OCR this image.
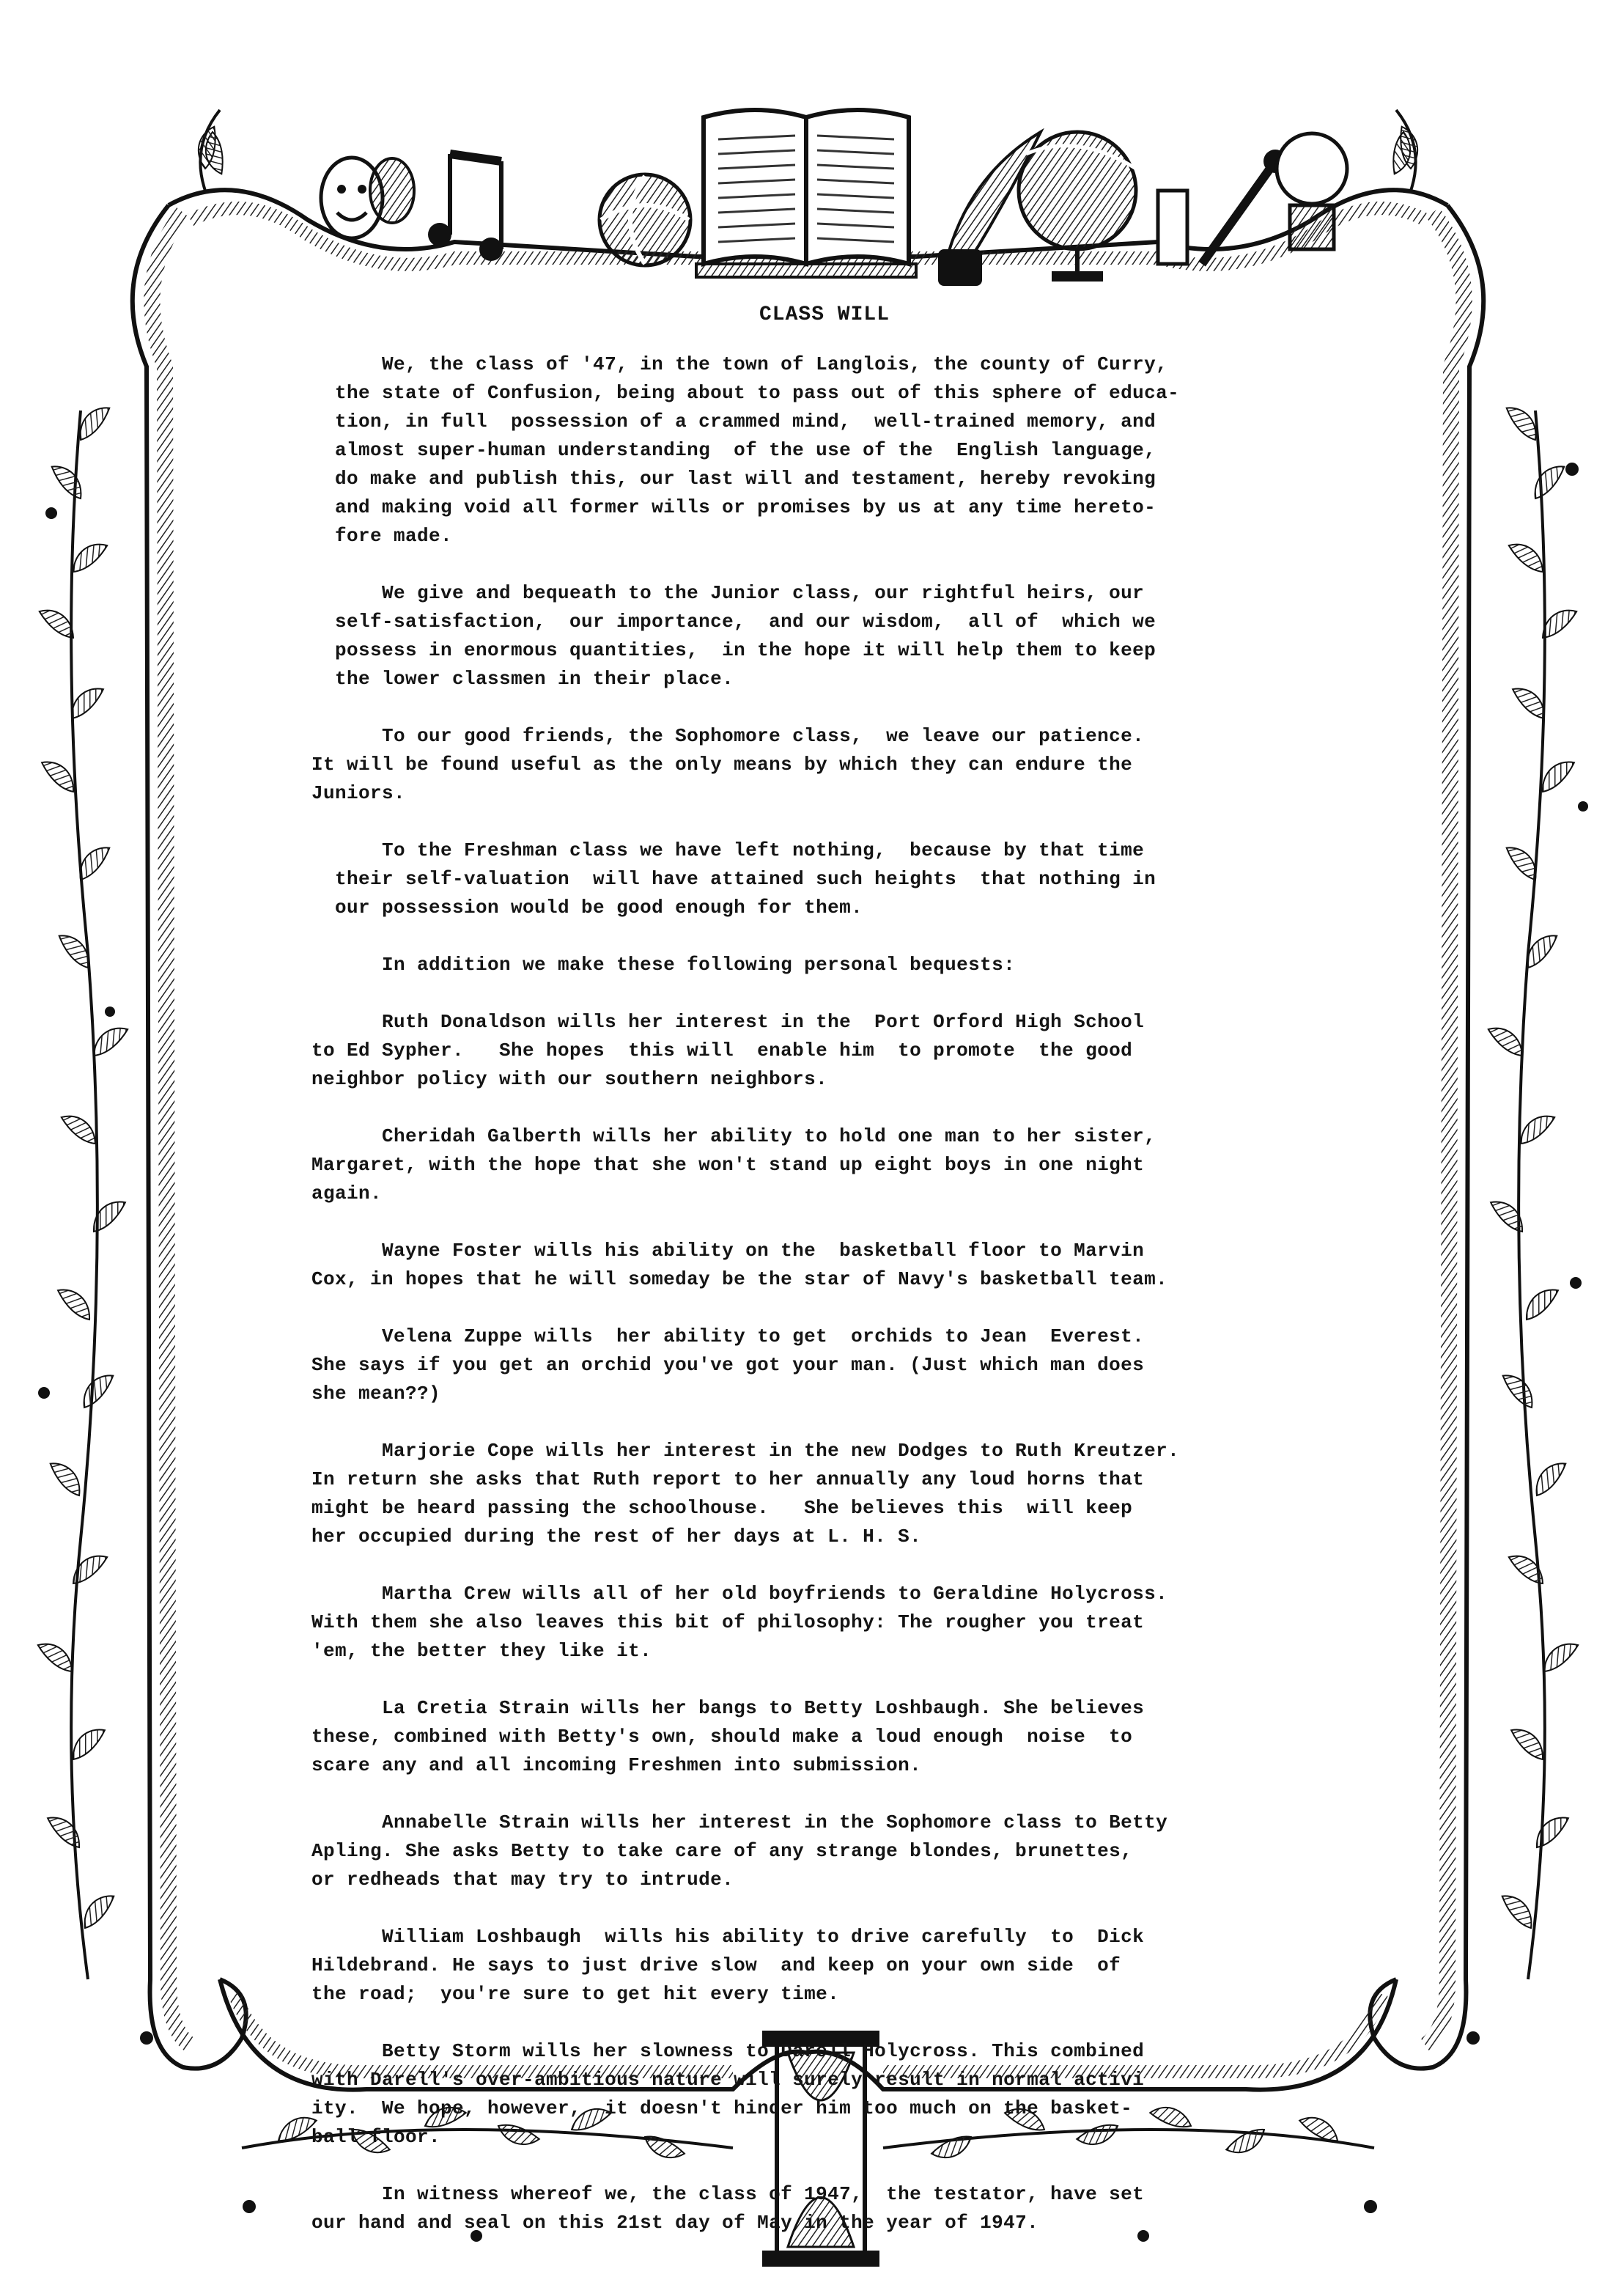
CLASS WILL

We, the class of '47, in the town of Langlois, the county of Curry,
the state of Confusion, being about to pass out of this sphere of educa-
tion, in full  possession of a crammed mind,  well-trained memory, and
almost super-human understanding  of the use of the  English language,
do make and publish this, our last will and testament, hereby revoking
and making void all former wills or promises by us at any time hereto-
fore made.
We give and bequeath to the Junior class, our rightful heirs, our
self-satisfaction,  our importance,  and our wisdom,  all of  which we
possess in enormous quantities,  in the hope it will help them to keep
the lower classmen in their place.
To our good friends, the Sophomore class,  we leave our patience.
It will be found useful as the only means by which they can endure the
Juniors.
To the Freshman class we have left nothing,  because by that time
their self-valuation  will have attained such heights  that nothing in
our possession would be good enough for them.
In addition we make these following personal bequests:
Ruth Donaldson wills her interest in the  Port Orford High School
to Ed Sypher.   She hopes  this will  enable him  to promote  the good
neighbor policy with our southern neighbors.
Cheridah Galberth wills her ability to hold one man to her sister,
Margaret, with the hope that she won't stand up eight boys in one night
again.
Wayne Foster wills his ability on the  basketball floor to Marvin
Cox, in hopes that he will someday be the star of Navy's basketball team.
Velena Zuppe wills  her ability to get  orchids to Jean  Everest.
She says if you get an orchid you've got your man. (Just which man does
she mean??)
Marjorie Cope wills her interest in the new Dodges to Ruth Kreutzer.
In return she asks that Ruth report to her annually any loud horns that
might be heard passing the schoolhouse.   She believes this  will keep
her occupied during the rest of her days at L. H. S.
Martha Crew wills all of her old boyfriends to Geraldine Holycross.
With them she also leaves this bit of philosophy: The rougher you treat
'em, the better they like it.
La Cretia Strain wills her bangs to Betty Loshbaugh. She believes
these, combined with Betty's own, should make a loud enough  noise  to
scare any and all incoming Freshmen into submission.
Annabelle Strain wills her interest in the Sophomore class to Betty
Apling. She asks Betty to take care of any strange blondes, brunettes,
or redheads that may try to intrude.
William Loshbaugh  wills his ability to drive carefully  to  Dick
Hildebrand. He says to just drive slow  and keep on your own side  of
the road;  you're sure to get hit every time.
Betty Storm wills her slowness to Darell Holycross. This combined
with Darell's over-ambitious nature will surely result in normal activi
ity.  We hope, however,  it doesn't hinder him too much on the basket-
ball floor.
In witness whereof we, the class of 1947,  the testator, have set
our hand and seal on this 21st day of May in the year of 1947.
